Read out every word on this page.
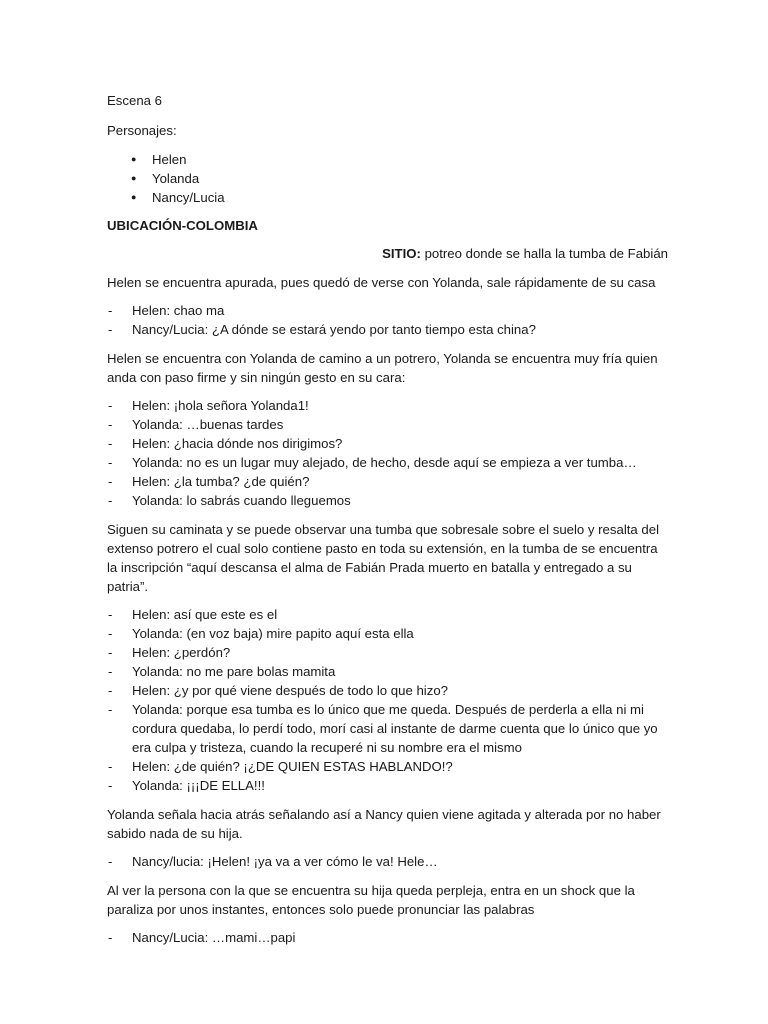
Escena 6

Personajes:

● Helen
● Yolanda
● Nancy/Lucia

UBICACIÓN-COLOMBIA

SITIO: potreo donde se halla la tumba de Fabián

Helen se encuentra apurada, pues quedó de verse con Yolanda, sale rápidamente de su casa

- Helen: chao ma
- Nancy/Lucia: ¿A dónde se estará yendo por tanto tiempo esta china?

Helen se encuentra con Yolanda de camino a un potrero, Yolanda se encuentra muy fría quien anda con paso firme y sin ningún gesto en su cara:

- Helen: ¡hola señora Yolanda1!
- Yolanda: …buenas tardes
- Helen: ¿hacia dónde nos dirigimos?
- Yolanda: no es un lugar muy alejado, de hecho, desde aquí se empieza a ver tumba…
- Helen: ¿la tumba? ¿de quién?
- Yolanda: lo sabrás cuando lleguemos

Siguen su caminata y se puede observar una tumba que sobresale sobre el suelo y resalta del extenso potrero el cual solo contiene pasto en toda su extensión, en la tumba de se encuentra la inscripción “aquí descansa el alma de Fabián Prada muerto en batalla y entregado a su patria”.

- Helen: así que este es el
- Yolanda: (en voz baja) mire papito aquí esta ella
- Helen: ¿perdón?
- Yolanda: no me pare bolas mamita
- Helen: ¿y por qué viene después de todo lo que hizo?
- Yolanda: porque esa tumba es lo único que me queda. Después de perderla a ella ni mi cordura quedaba, lo perdí todo, morí casi al instante de darme cuenta que lo único que yo era culpa y tristeza, cuando la recuperé ni su nombre era el mismo
- Helen: ¿de quién? ¡¿DE QUIEN ESTAS HABLANDO!?
- Yolanda: ¡¡¡DE ELLA!!!

Yolanda señala hacia atrás señalando así a Nancy quien viene agitada y alterada por no haber sabido nada de su hija.

- Nancy/lucia: ¡Helen! ¡ya va a ver cómo le va! Hele…

Al ver la persona con la que se encuentra su hija queda perpleja, entra en un shock que la paraliza por unos instantes, entonces solo puede pronunciar las palabras

- Nancy/Lucia: …mami…papi
